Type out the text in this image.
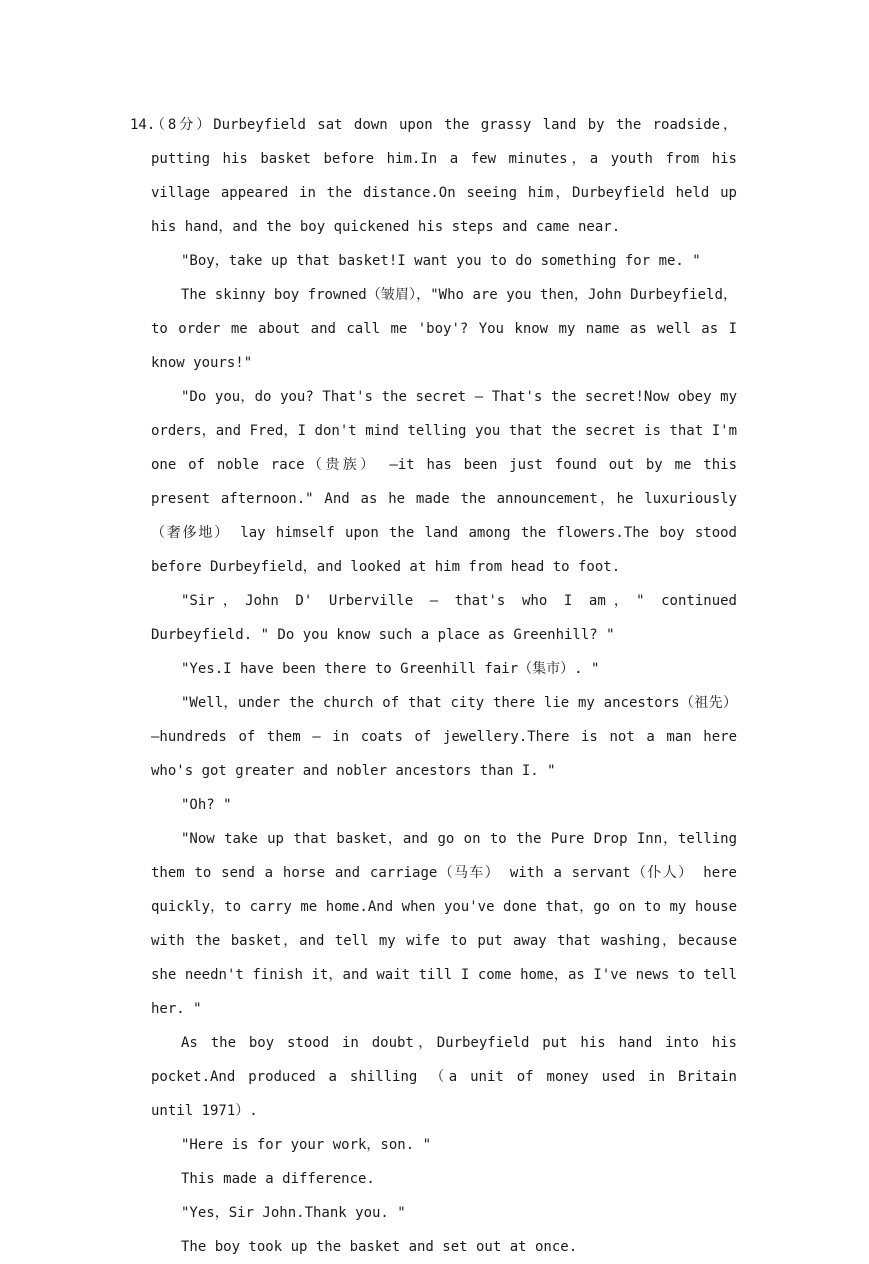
14.

（8分）Durbeyfield sat down upon the grassy land by the roadside，putting his basket before him.In a few minutes，a youth from his village appeared in the distance.On seeing him，Durbeyfield held up his hand，and the boy quickened his steps and came near.

"Boy，take up that basket!I want you to do something for me. "

The skinny boy frowned（皱眉），"Who are you then，John Durbeyfield，to order me about and call me 'boy'? You know my name as well as I know yours!"

"Do you，do you? That's the secret — That's the secret!Now obey my orders，and Fred，I don't mind telling you that the secret is that I'm one of noble race（贵族） —it has been just found out by me this present afternoon." And as he made the announcement，he luxuriously（奢侈地） lay himself upon the land among the flowers.The boy stood before Durbeyfield，and looked at him from head to foot.

"Sir，John D' Urberville — that's who I am，" continued Durbeyfield. " Do you know such a place as Greenhill? "

"Yes.I have been there to Greenhill fair（集市）. "

"Well，under the church of that city there lie my ancestors（祖先） —hundreds of them — in coats of jewellery.There is not a man here who's got greater and nobler ancestors than I. "

"Oh? "

"Now take up that basket，and go on to the Pure Drop Inn，telling them to send a horse and carriage（马车） with a servant（仆人） here quickly，to carry me home.And when you've done that，go on to my house with the basket，and tell my wife to put away that washing，because she needn't finish it，and wait till I come home，as I've news to tell her. "

As the boy stood in doubt，Durbeyfield put his hand into his pocket.And produced a shilling （a unit of money used in Britain until 1971）.

"Here is for your work，son. "

This made a difference.

"Yes，Sir John.Thank you. "

The boy took up the basket and set out at once.
